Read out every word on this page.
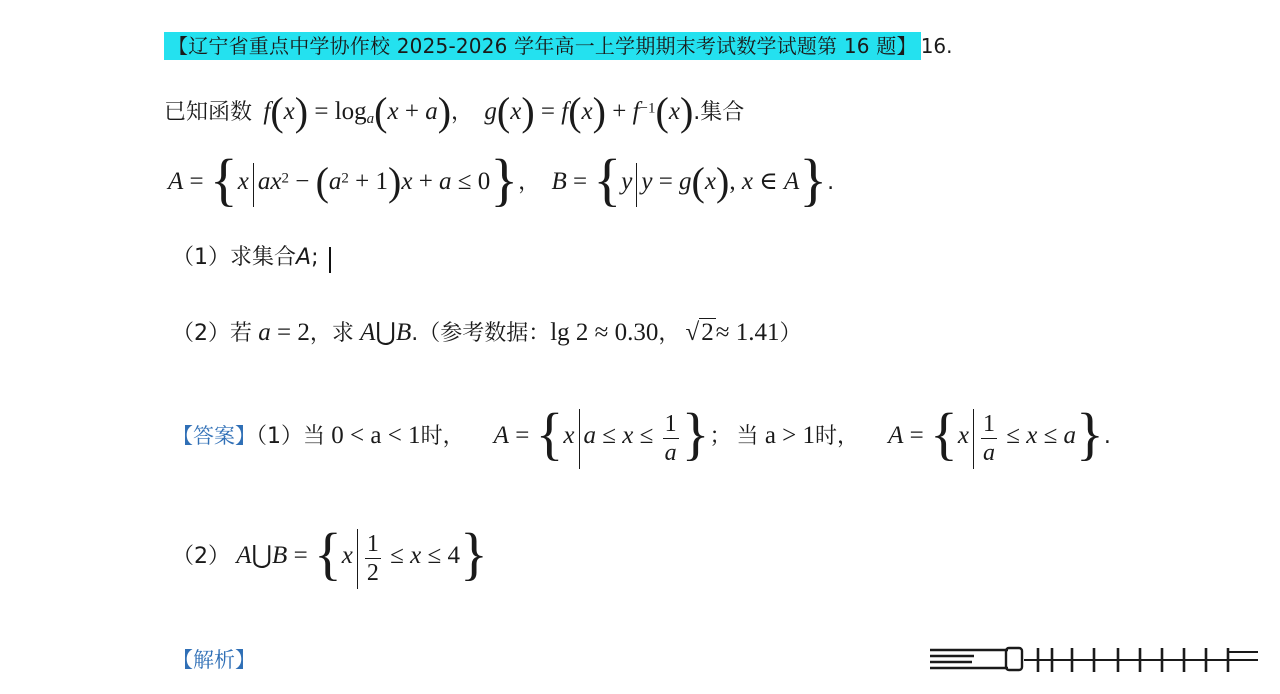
【辽宁省重点中学协作校 2025-2026 学年高一上学期期末考试数学试题第 16 题】 16.
已知函数  f(x) = loga(x + a)，  g(x) = f(x) + f−1(x).集合
A = {x ax2 − (a2 + 1)x + a ≤ 0}，  B = {y y = g(x), x ∈ A}.
（1）求集合A;
（2）若 a = 2，求 A⋃B.（参考数据：lg 2 ≈ 0.30， √2≈ 1.41）
【答案】（1）当 0 < a < 1时， A = {x $a \le x \le \frac{1}{a}$ }； 当 a > 1时， $A = \{x \frac{1}{a} \le x \le a\}$.
（2） A⋃B = $\{x \frac{1}{2} \le x \le 4\}$
【解析】
